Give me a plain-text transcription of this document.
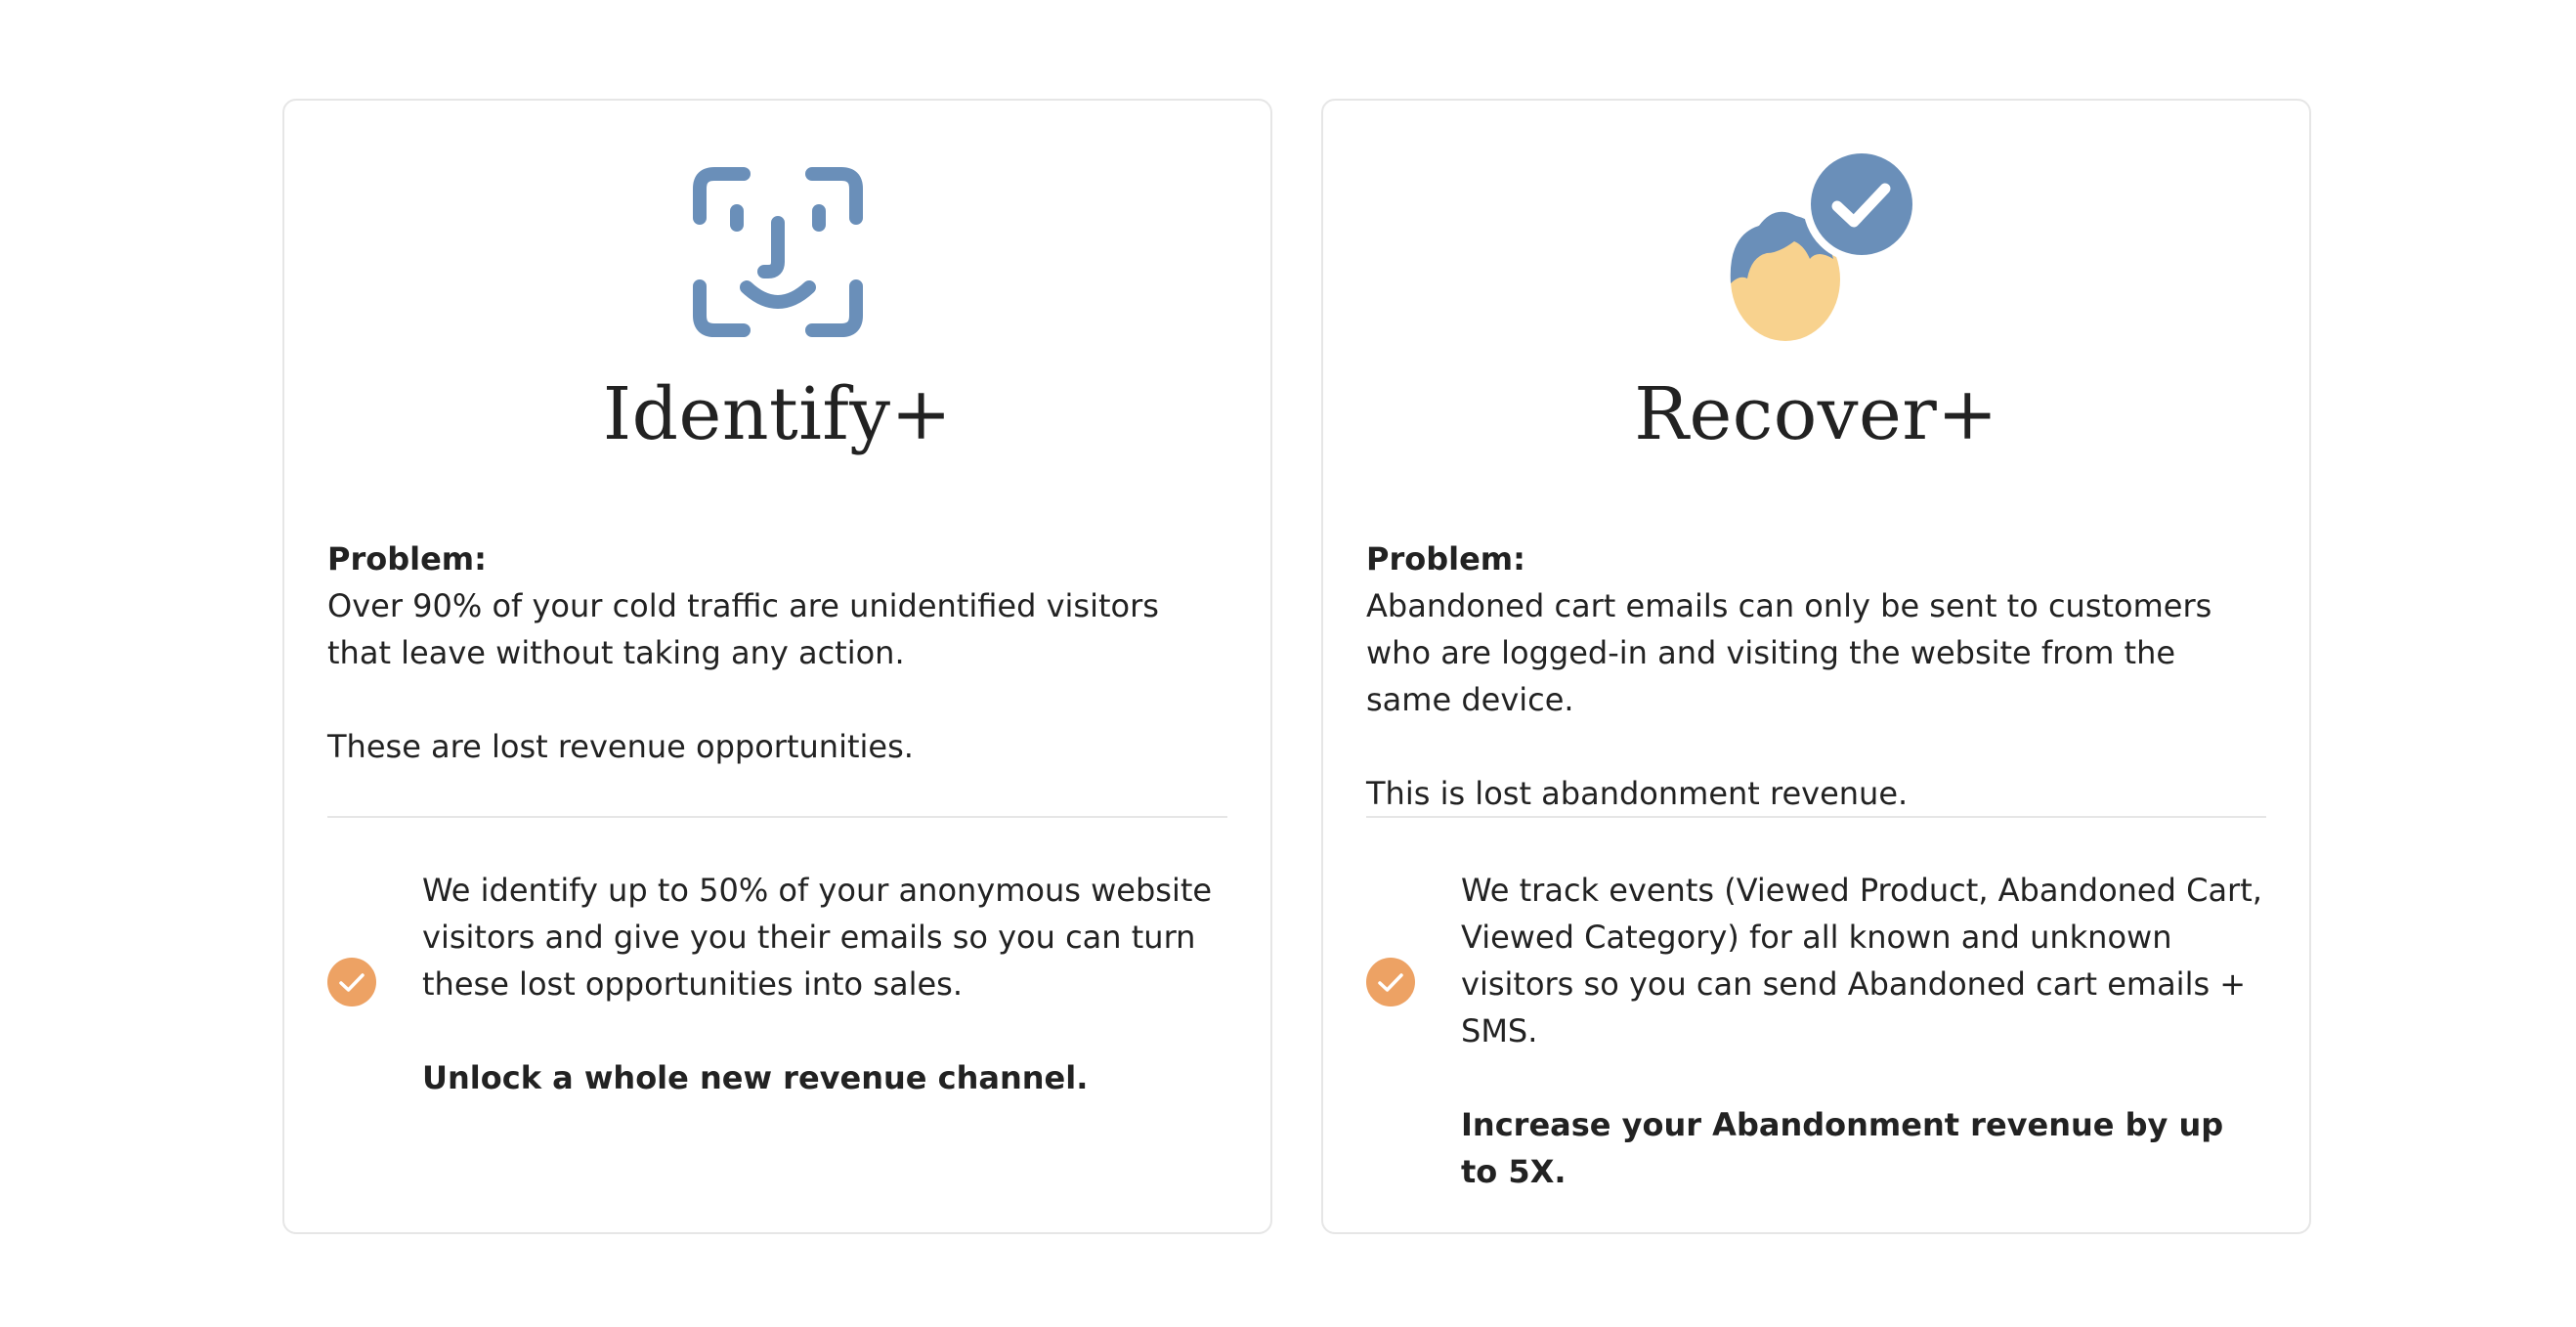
Identify+
Problem:
Over 90% of your cold traffic are unidentified visitors that leave without taking any action.
These are lost revenue opportunities.
We identify up to 50% of your anonymous website visitors and give you their emails so you can turn these lost opportunities into sales.
Unlock a whole new revenue channel.
Recover+
Problem:
Abandoned cart emails can only be sent to customers who are logged-in and visiting the website from the same device.
This is lost abandonment revenue.
We track events (Viewed Product, Abandoned Cart, Viewed Category) for all known and unknown visitors so you can send Abandoned cart emails + SMS.
Increase your Abandonment revenue by up to 5X.
